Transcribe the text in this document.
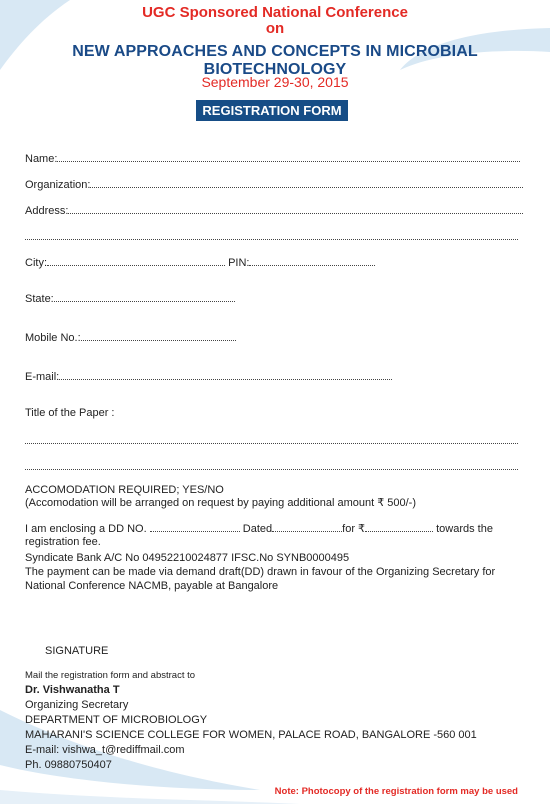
UGC Sponsored National Conference
on
NEW APPROACHES AND CONCEPTS IN MICROBIAL BIOTECHNOLOGY
September 29-30, 2015
REGISTRATION FORM
Name:
Organization:
Address:
City:	PIN:
State:
Mobile No.:
E-mail:
Title of the Paper :
ACCOMODATION REQUIRED; YES/NO
(Accomodation will be arranged on request by paying additional amount ₹ 500/-)
I am enclosing a DD NO.	Dated	for ₹	towards the
registration fee.
Syndicate Bank A/C No 04952210024877 IFSC.No SYNB0000495
The payment can be made via demand draft(DD) drawn in favour of the Organizing Secretary for
National Conference NACMB, payable at Bangalore
SIGNATURE
Mail the registration form and abstract to
Dr. Vishwanatha T
Organizing Secretary
DEPARTMENT OF MICROBIOLOGY
MAHARANI'S SCIENCE COLLEGE FOR WOMEN, PALACE ROAD, BANGALORE -560 001
E-mail: vishwa_t@rediffmail.com
Ph. 09880750407
Note: Photocopy of the registration form may be used
